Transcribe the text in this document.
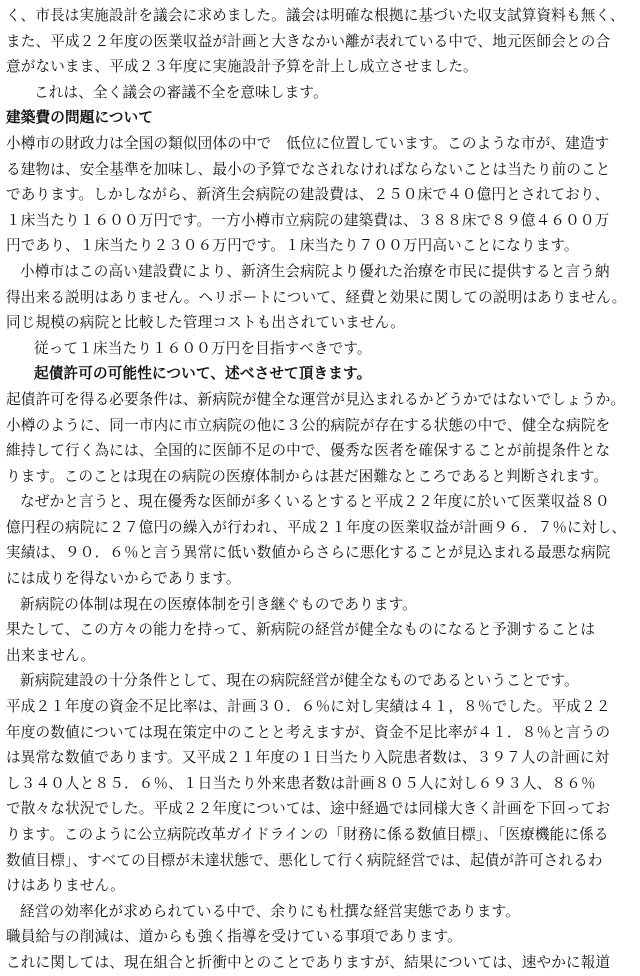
く、市長は実施設計を議会に求めました。議会は明確な根拠に基づいた収支試算資料も無く、
また、平成２２年度の医業収益が計画と大きなかい離が表れている中で、地元医師会との合
意がないまま、平成２３年度に実施設計予算を計上し成立させました。
これは、全く議会の審議不全を意味します。
建築費の問題について
小樽市の財政力は全国の類似団体の中で　低位に位置しています。このような市が、建造す
る建物は、安全基準を加味し、最小の予算でなされなければならないことは当たり前のこと
であります。しかしながら、新済生会病院の建設費は、２５０床で４０億円とされており、
１床当たり１６００万円です。一方小樽市立病院の建築費は、３８８床で８９億４６００万
円であり、１床当たり２３０６万円です。１床当たり７００万円高いことになります。
小樽市はこの高い建設費により、新済生会病院より優れた治療を市民に提供すると言う納
得出来る説明はありません。ヘリポートについて、経費と効果に関しての説明はありません。
同じ規模の病院と比較した管理コストも出されていません。
従って１床当たり１６００万円を目指すべきです。
起債許可の可能性について、述べさせて頂きます。
起債許可を得る必要条件は、新病院が健全な運営が見込まれるかどうかではないでしょうか。
小樽のように、同一市内に市立病院の他に３公的病院が存在する状態の中で、健全な病院を
維持して行く為には、全国的に医師不足の中で、優秀な医者を確保することが前提条件とな
ります。このことは現在の病院の医療体制からは甚だ困難なところであると判断されます。
なぜかと言うと、現在優秀な医師が多くいるとすると平成２２年度に於いて医業収益８０
億円程の病院に２７億円の繰入が行われ、平成２１年度の医業収益が計画９６．７％に対し、
実績は、９０．６％と言う異常に低い数値からさらに悪化することが見込まれる最悪な病院
には成りを得ないからであります。
新病院の体制は現在の医療体制を引き継ぐものであります。
果たして、この方々の能力を持って、新病院の経営が健全なものになると予測することは
出来ません。
新病院建設の十分条件として、現在の病院経営が健全なものであるということです。
平成２１年度の資金不足比率は、計画３０．６％に対し実績は４１，８％でした。平成２２
年度の数値については現在策定中のことと考えますが、資金不足比率が４１．８％と言うの
は異常な数値であります。又平成２１年度の１日当たり入院患者数は、３９７人の計画に対
し３４０人と８５．６％、１日当たり外来患者数は計画８０５人に対し６９３人、８６％
で散々な状況でした。平成２２年度については、途中経過では同様大きく計画を下回ってお
ります。このように公立病院改革ガイドラインの「財務に係る数値目標」、「医療機能に係る
数値目標」、すべての目標が未達状態で、悪化して行く病院経営では、起債が許可されるわ
けはありません。
経営の効率化が求められている中で、余りにも杜撰な経営実態であります。
職員給与の削減は、道からも強く指導を受けている事項であります。
これに関しては、現在組合と折衝中とのことでありますが、結果については、速やかに報道
